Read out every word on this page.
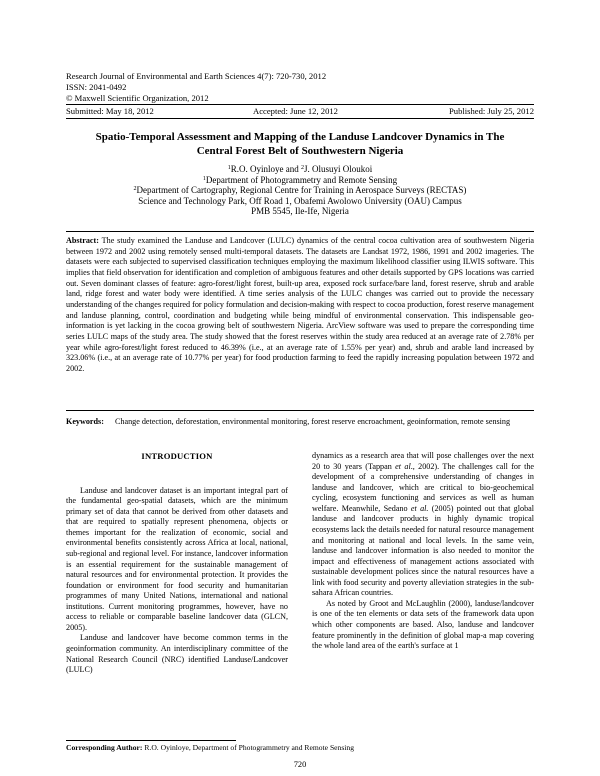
Research Journal of Environmental and Earth Sciences 4(7): 720-730, 2012
ISSN: 2041-0492
© Maxwell Scientific Organization, 2012
Submitted: May 18, 2012	Accepted: June 12, 2012	Published: July 25, 2012
Spatio-Temporal Assessment and Mapping of the Landuse Landcover Dynamics in The
Central Forest Belt of Southwestern Nigeria
$^1$R.O. Oyinloye and $^2$J. Olusuyi Oloukoi
$^1$Department of Photogrammetry and Remote Sensing
$^2$Department of Cartography, Regional Centre for Training in Aerospace Surveys (RECTAS)
Science and Technology Park, Off Road 1, Obafemi Awolowo University (OAU) Campus
PMB 5545, Ile-Ife, Nigeria
Abstract: The study examined the Landuse and Landcover (LULC) dynamics of the central cocoa cultivation area of southwestern Nigeria between 1972 and 2002 using remotely sensed multi-temporal datasets. The datasets are Landsat 1972, 1986, 1991 and 2002 imageries. The datasets were each subjected to supervised classification techniques employing the maximum likelihood classifier using ILWIS software. This implies that field observation for identification and completion of ambiguous features and other details supported by GPS locations was carried out. Seven dominant classes of feature: agro-forest/light forest, built-up area, exposed rock surface/bare land, forest reserve, shrub and arable land, ridge forest and water body were identified. A time series analysis of the LULC changes was carried out to provide the necessary understanding of the changes required for policy formulation and decision-making with respect to cocoa production, forest reserve management and landuse planning, control, coordination and budgeting while being mindful of environmental conservation. This indispensable geo-information is yet lacking in the cocoa growing belt of southwestern Nigeria. ArcView software was used to prepare the corresponding time series LULC maps of the study area. The study showed that the forest reserves within the study area reduced at an average rate of 2.78% per year while agro-forest/light forest reduced to 46.39% (i.e., at an average rate of 1.55% per year) and, shrub and arable land increased by 323.06% (i.e., at an average rate of 10.77% per year) for food production farming to feed the rapidly increasing population between 1972 and 2002.
Keywords: Change detection, deforestation, environmental monitoring, forest reserve encroachment, geoinformation, remote sensing
INTRODUCTION

Landuse and landcover dataset is an important integral part of the fundamental geo-spatial datasets, which are the minimum primary set of data that cannot be derived from other datasets and that are required to spatially represent phenomena, objects or themes important for the realization of economic, social and environmental benefits consistently across Africa at local, national, sub-regional and regional level. For instance, landcover information is an essential requirement for the sustainable management of natural resources and for environmental protection. It provides the foundation or environment for food security and humanitarian programmes of many United Nations, international and national institutions. Current monitoring programmes, however, have no access to reliable or comparable baseline landcover data (GLCN, 2005).

Landuse and landcover have become common terms in the geoinformation community. An interdisciplinary committee of the National Research Council (NRC) identified Landuse/Landcover (LULC)

dynamics as a research area that will pose challenges over the next 20 to 30 years (Tappan et al., 2002). The challenges call for the development of a comprehensive understanding of changes in landuse and landcover, which are critical to bio-geochemical cycling, ecosystem functioning and services as well as human welfare. Meanwhile, Sedano et al. (2005) pointed out that global landuse and landcover products in highly dynamic tropical ecosystems lack the details needed for natural resource management and monitoring at national and local levels. In the same vein, landuse and landcover information is also needed to monitor the impact and effectiveness of management actions associated with sustainable development polices since the natural resources have a link with food security and poverty alleviation strategies in the sub-sahara African countries.

As noted by Groot and McLaughlin (2000), landuse/landcover is one of the ten elements or data sets of the framework data upon which other components are based. Also, landuse and landcover feature prominently in the definition of global map-a map covering the whole land area of the earth's surface at 1

Corresponding Author: R.O. Oyinloye, Department of Photogrammetry and Remote Sensing
720
